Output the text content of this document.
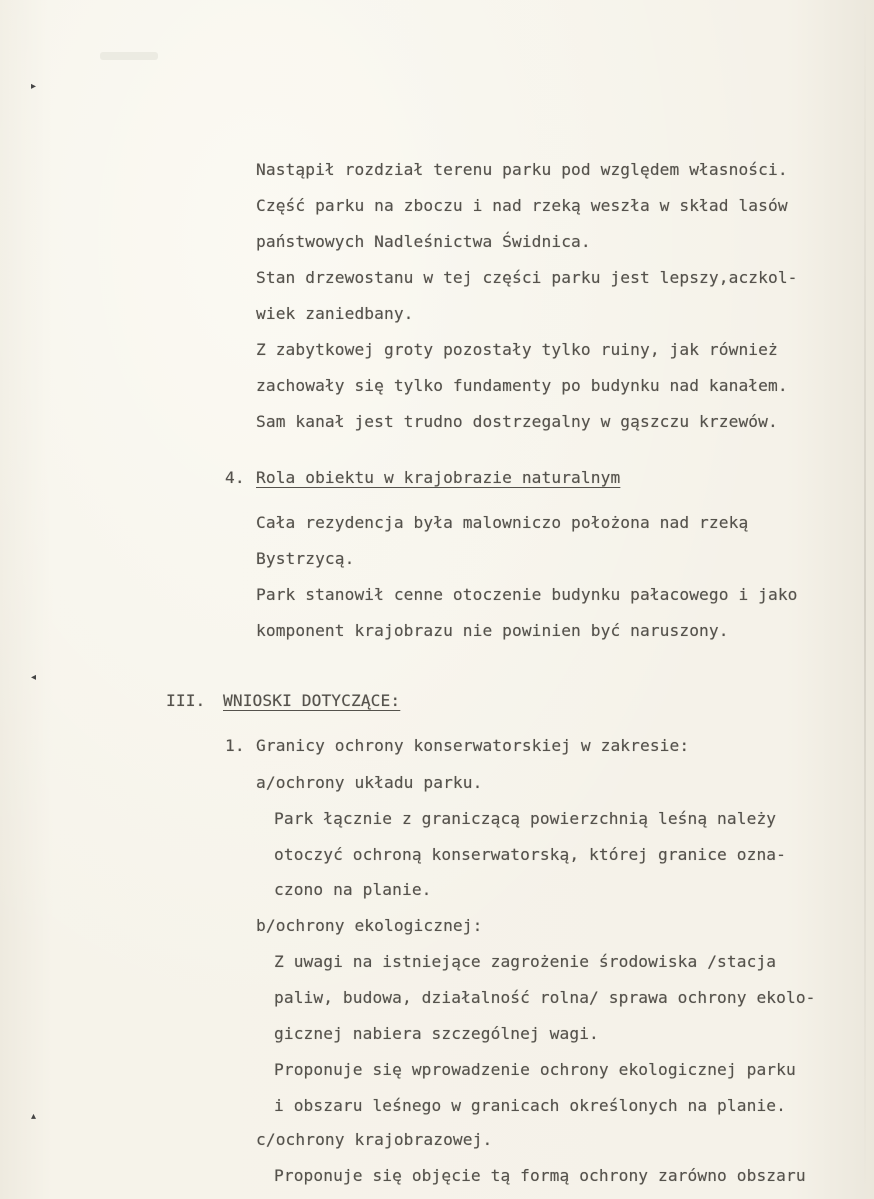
▸
◂
▴
Nastąpił rozdział terenu parku pod względem własności.
Część parku na zboczu i nad rzeką weszła w skład lasów
państwowych Nadleśnictwa Świdnica.
Stan drzewostanu w tej części parku jest lepszy,aczkol-
wiek zaniedbany.
Z zabytkowej groty pozostały tylko ruiny, jak również
zachowały się tylko fundamenty po budynku nad kanałem.
Sam kanał jest trudno dostrzegalny w gąszczu krzewów.
4. Rola obiektu w krajobrazie naturalnym
Cała rezydencja była malowniczo położona nad rzeką
Bystrzycą.
Park stanowił cenne otoczenie budynku pałacowego i jako
komponent krajobrazu nie powinien być naruszony.
III. WNIOSKI DOTYCZĄCE:
1. Granicy ochrony konserwatorskiej w zakresie:
a/ochrony układu parku.
Park łącznie z graniczącą powierzchnią leśną należy
otoczyć ochroną konserwatorską, której granice ozna-
czono na planie.
b/ochrony ekologicznej:
Z uwagi na istniejące zagrożenie środowiska /stacja
paliw, budowa, działalność rolna/ sprawa ochrony ekolo-
gicznej nabiera szczególnej wagi.
Proponuje się wprowadzenie ochrony ekologicznej parku
i obszaru leśnego w granicach określonych na planie.
c/ochrony krajobrazowej.
Proponuje się objęcie tą formą ochrony zarówno obszaru
